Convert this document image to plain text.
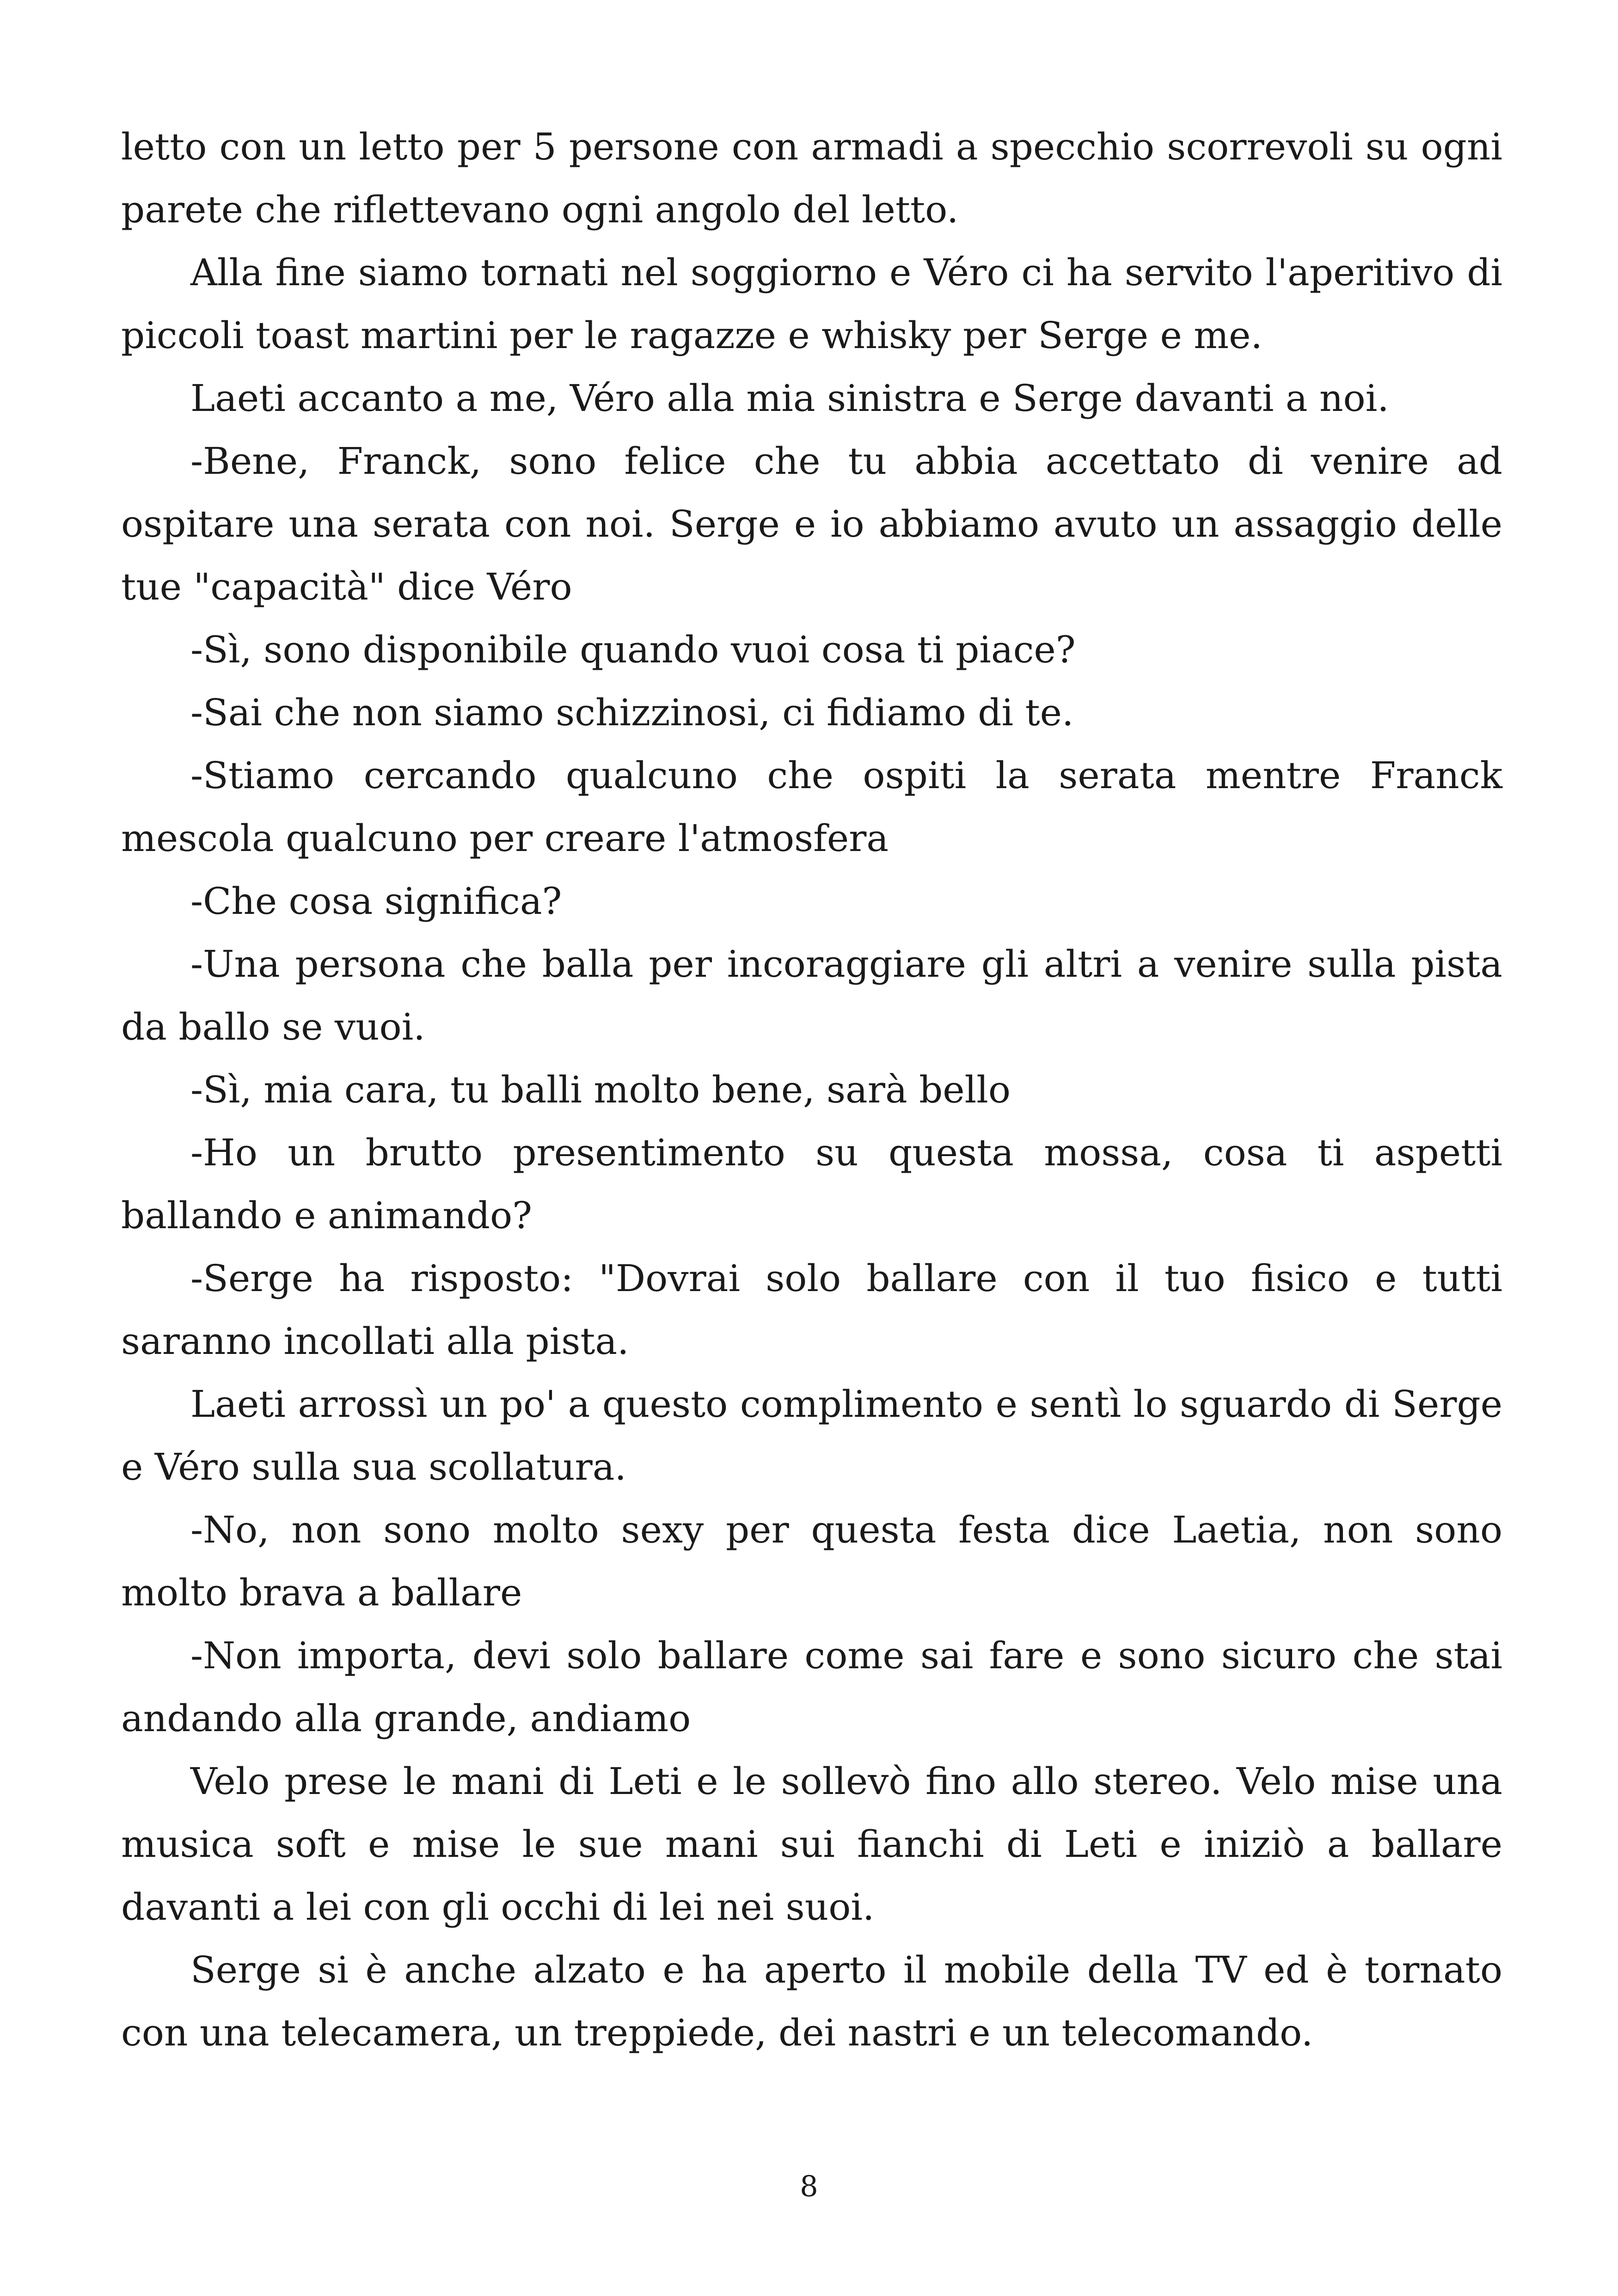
letto con un letto per 5 persone con armadi a specchio scorrevoli su ogni parete che riflettevano ogni angolo del letto.

Alla fine siamo tornati nel soggiorno e Véro ci ha servito l'aperitivo di piccoli toast martini per le ragazze e whisky per Serge e me.

Laeti accanto a me, Véro alla mia sinistra e Serge davanti a noi.

-Bene, Franck, sono felice che tu abbia accettato di venire ad ospitare una serata con noi. Serge e io abbiamo avuto un assaggio delle tue "capacità" dice Véro

-Sì, sono disponibile quando vuoi cosa ti piace?

-Sai che non siamo schizzinosi, ci fidiamo di te.

-Stiamo cercando qualcuno che ospiti la serata mentre Franck mescola qualcuno per creare l'atmosfera

-Che cosa significa?

-Una persona che balla per incoraggiare gli altri a venire sulla pista da ballo se vuoi.

-Sì, mia cara, tu balli molto bene, sarà bello

-Ho un brutto presentimento su questa mossa, cosa ti aspetti ballando e animando?

-Serge ha risposto: "Dovrai solo ballare con il tuo fisico e tutti saranno incollati alla pista.

Laeti arrossì un po' a questo complimento e sentì lo sguardo di Serge e Véro sulla sua scollatura.

-No, non sono molto sexy per questa festa dice Laetia, non sono molto brava a ballare

-Non importa, devi solo ballare come sai fare e sono sicuro che stai andando alla grande, andiamo

Velo prese le mani di Leti e le sollevò fino allo stereo. Velo mise una musica soft e mise le sue mani sui fianchi di Leti e iniziò a ballare davanti a lei con gli occhi di lei nei suoi.

Serge si è anche alzato e ha aperto il mobile della TV ed è tornato con una telecamera, un treppiede, dei nastri e un telecomando.

8
